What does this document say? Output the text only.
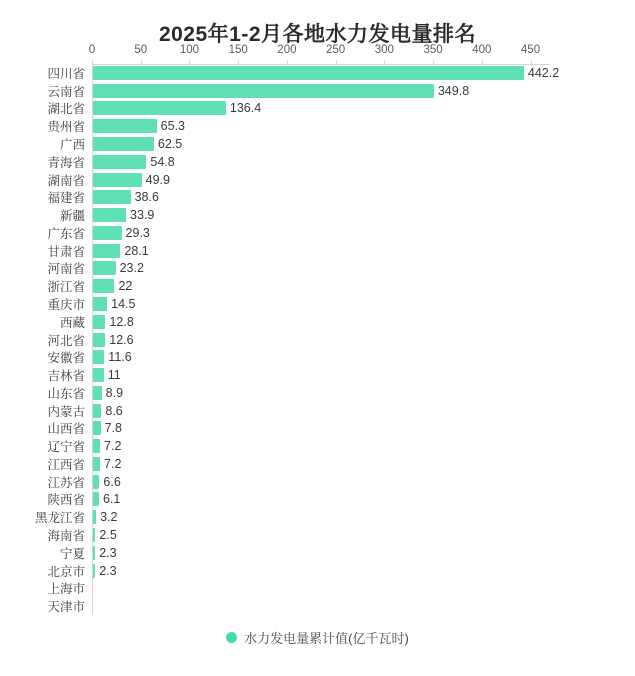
2025年1-2月各地水力发电量排名
0	50	100	150	200	250	300	350	400	450
四川省	442.2
云南省	349.8
湖北省	136.4
贵州省	65.3
广西	62.5
青海省	54.8
湖南省	49.9
福建省	38.6
新疆	33.9
广东省	29.3
甘肃省	28.1
河南省	23.2
浙江省	22
重庆市 14.5
西藏 12.8
河北省 12.6
安徽省 11.6
吉林省 11
山东省 8.9
内蒙古 8.6
山西省 7.8
辽宁省 7.2
江西省 7.2
江苏省 6.6
陕西省 6.1
黑龙江省 3.2
海南省 2.5
宁夏 2.3
北京市 2.3
上海市
天津市
水力发电量累计值(亿千瓦时)
